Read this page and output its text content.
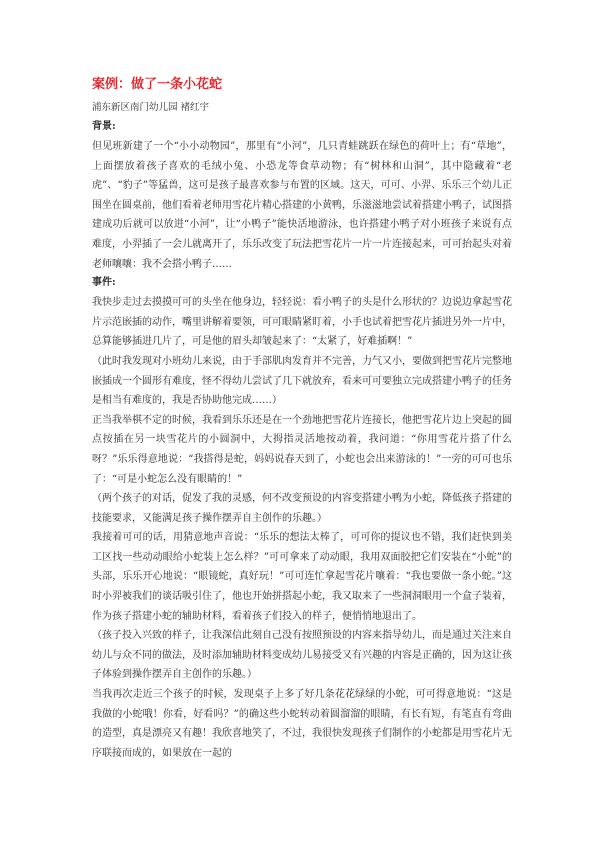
案例：做了一条小花蛇
浦东新区南门幼儿园 褚红宇
背景:

但见班新建了一个“小小动物园”，那里有“小河”，几只青蛙跳跃在绿色的荷叶上；有“草地”，上面摆放着孩子喜欢的毛绒小兔、小恐龙等食草动物；有“树林和山洞”，其中隐藏着“老虎”、“豹子”等猛兽，这可是孩子最喜欢参与布置的区域。这天，可可、小羿、乐乐三个幼儿正围坐在圆桌前，他们看着老师用雪花片精心搭建的小黄鸭，乐滋滋地尝试着搭建小鸭子，试图搭建成功后就可以放进“小河”，让“小鸭子”能快活地游泳，也许搭建小鸭子对小班孩子来说有点难度，小羿插了一会儿就离开了，乐乐改变了玩法把雪花片一片一片连接起来，可可抬起头对着老师嚷嚷：我不会搭小鸭子……

事件:

我快步走过去摸摸可可的头坐在他身边，轻轻说：看小鸭子的头是什么形状的？边说边拿起雪花片示范嵌插的动作，嘴里讲解着要领，可可眼睛紧盯着，小手也试着把雪花片插进另外一片中，总算能够插进几片了，可是他的眉头却皱起来了：“太紧了，好难插啊！”

（此时我发现对小班幼儿来说，由于手部肌肉发育并不完善，力气又小，要做到把雪花片完整地嵌插成一个圆形有难度，怪不得幼儿尝试了几下就放弃，看来可可要独立完成搭建小鸭子的任务是相当有难度的，我是否协助他完成……）

正当我举棋不定的时候，我看到乐乐还是在一个劲地把雪花片连接长，他把雪花片边上突起的圆点按插在另一块雪花片的小圆洞中，大拇指灵活地按动着，我问道：“你用雪花片搭了什么呀？”乐乐得意地说：“我搭得是蛇，妈妈说春天到了，小蛇也会出来游泳的！”一旁的可可也乐了：“可是小蛇怎么没有眼睛的！”

（两个孩子的对话，促发了我的灵感，何不改变预设的内容变搭建小鸭为小蛇，降低孩子搭建的技能要求，又能满足孩子操作摆弄自主创作的乐趣。）

我接着可可的话，用猜意地声音说：“乐乐的想法太棒了，可可你的提议也不错，我们赶快到美工区找一些动动眼给小蛇装上怎么样？”可可拿来了动动眼，我用双面胶把它们安装在“小蛇”的头部，乐乐开心地说：“眼镜蛇，真好玩！”可可连忙拿起雪花片嚷着：“我也要做一条小蛇。”这时小羿被我们的谈话吸引住了，他也开始拼搭起小蛇，我又取来了一些洞洞眼用一个盒子装着，作为孩子搭建小蛇的辅助材料，看着孩子们投入的样子，便悄悄地退出了。

（孩子投入兴致的样子，让我深信此刻自己没有按照预设的内容来指导幼儿，而是通过关注来自幼儿与众不同的做法，及时添加辅助材料变成幼儿易接受又有兴趣的内容是正确的，因为这让孩子体验到操作摆弄自主创作的乐趣。）

当我再次走近三个孩子的时候，发现桌子上多了好几条花花绿绿的小蛇，可可得意地说：“这是我做的小蛇哦！你看，好看吗？”的确这些小蛇转动着圆溜溜的眼睛，有长有短，有笔直有弯曲的造型，真是漂亮又有趣！我欣喜地笑了，不过，我很快发现孩子们制作的小蛇都是用雪花片无序联接而成的，如果放在一起的
